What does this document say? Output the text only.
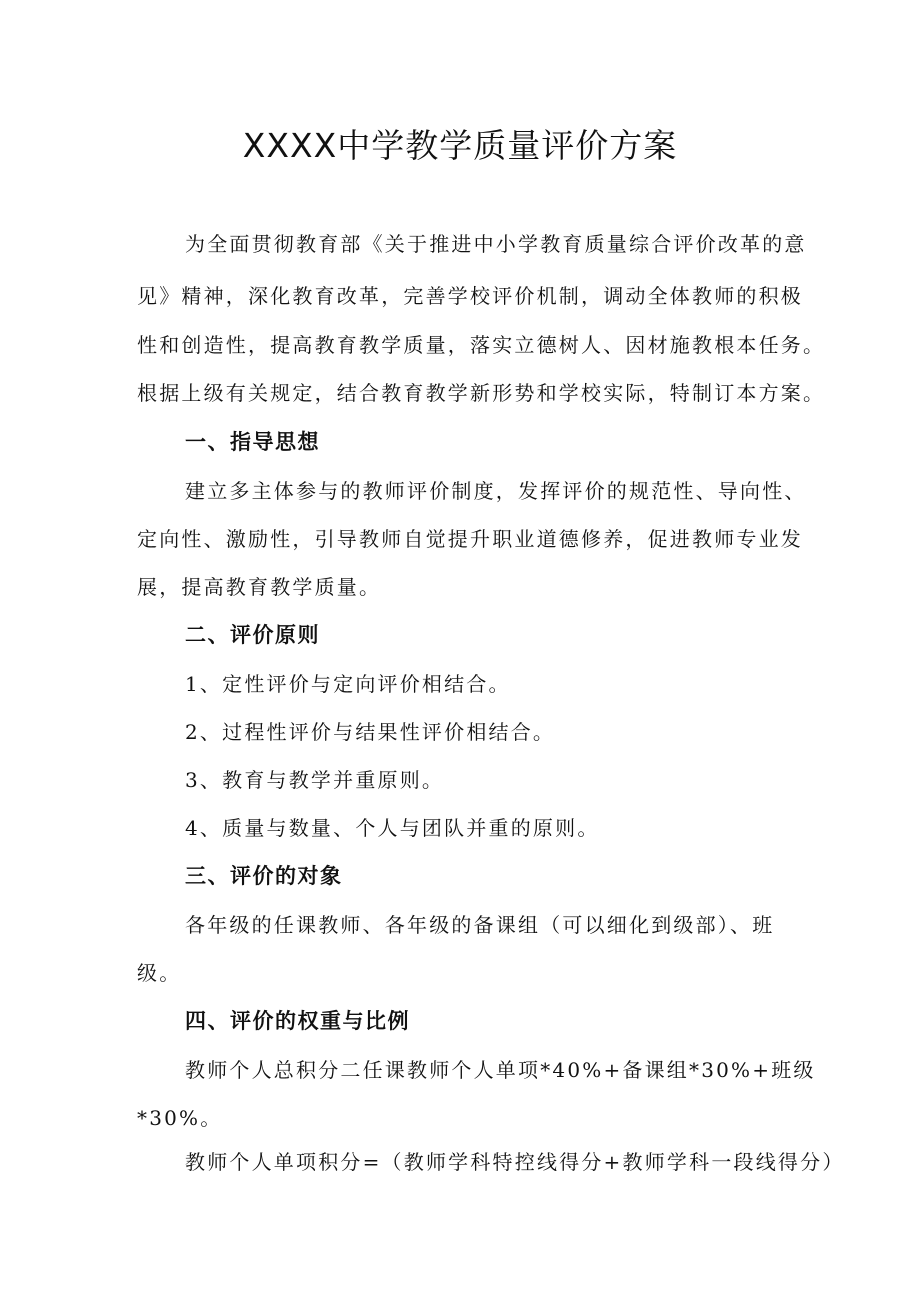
XXXX中学教学质量评价方案
为全面贯彻教育部《关于推进中小学教育质量综合评价改革的意
见》精神，深化教育改革，完善学校评价机制，调动全体教师的积极
性和创造性，提高教育教学质量，落实立德树人、因材施教根本任务。
根据上级有关规定，结合教育教学新形势和学校实际，特制订本方案。
一、指导思想
建立多主体参与的教师评价制度，发挥评价的规范性、导向性、
定向性、激励性，引导教师自觉提升职业道德修养，促进教师专业发
展，提高教育教学质量。
二、评价原则
1、定性评价与定向评价相结合。
2、过程性评价与结果性评价相结合。
3、教育与教学并重原则。
4、质量与数量、个人与团队并重的原则。
三、评价的对象
各年级的任课教师、各年级的备课组（可以细化到级部）、班
级。
四、评价的权重与比例
教师个人总积分二任课教师个人单项*40%+备课组*30%+班级
*30%。
教师个人单项积分=（教师学科特控线得分+教师学科一段线得分）
